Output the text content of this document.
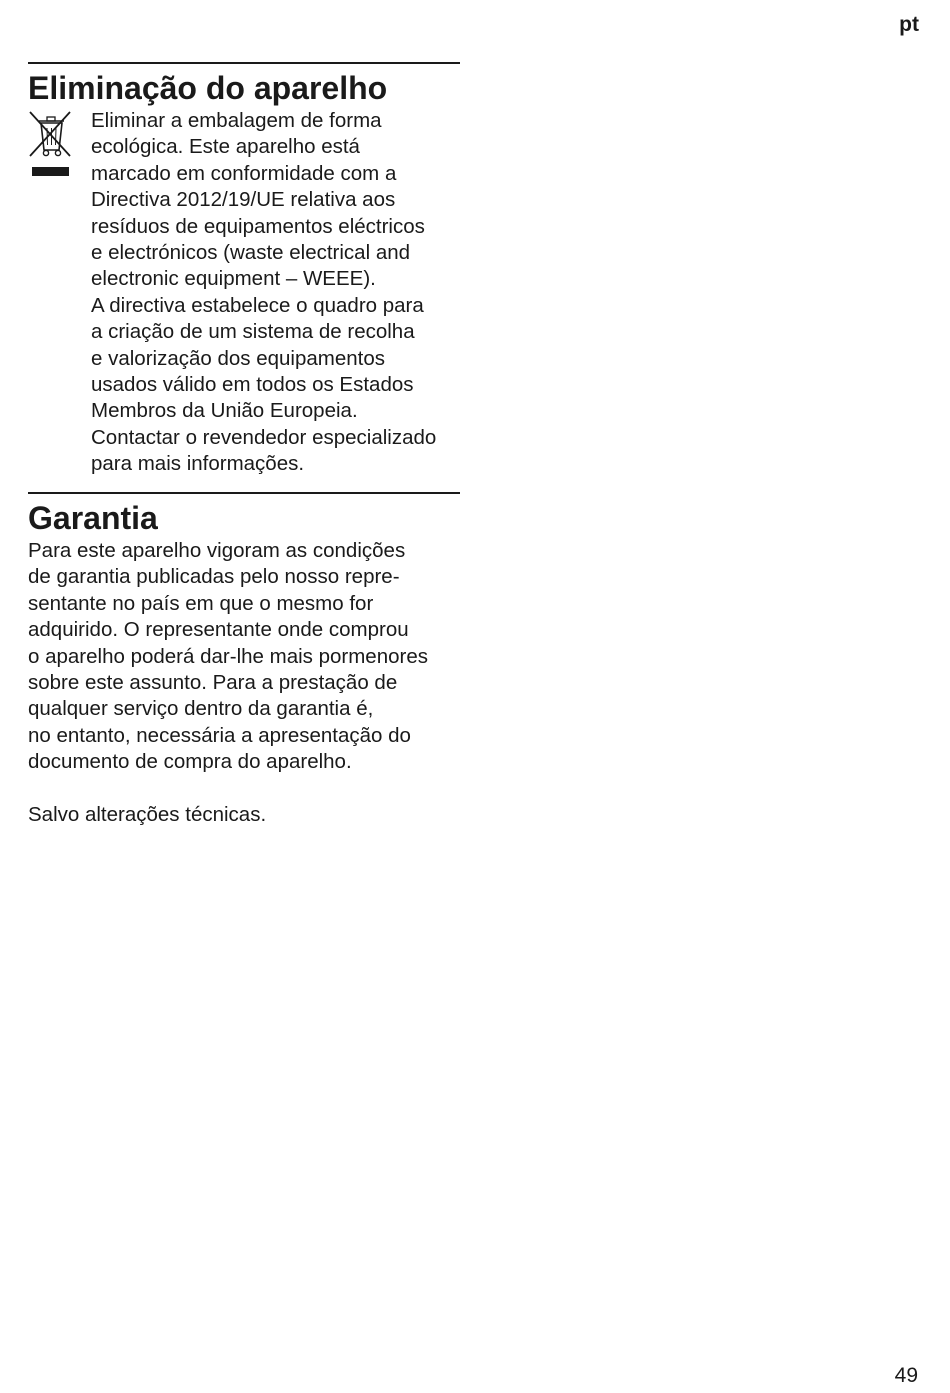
pt
Eliminação do aparelho
Eliminar a embalagem de forma
ecológica. Este aparelho está
marcado em conformidade com a
Directiva 2012/19/UE relativa aos
resíduos de equipamentos eléctricos
e electrónicos (waste electrical and
electronic equipment – WEEE).
A directiva estabelece o quadro para
a criação de um sistema de recolha
e valorização dos equipamentos
usados válido em todos os Estados
Membros da União Europeia.
Contactar o revendedor especializado
para mais informações.
Garantia
Para este aparelho vigoram as condições
de garantia publicadas pelo nosso repre-
sentante no país em que o mesmo for
adquirido. O representante onde comprou
o aparelho poderá dar-lhe mais pormenores
sobre este assunto. Para a prestação de
qualquer serviço dentro da garantia é,
no entanto, necessária a apresentação do
documento de compra do aparelho.
Salvo alterações técnicas.
49
